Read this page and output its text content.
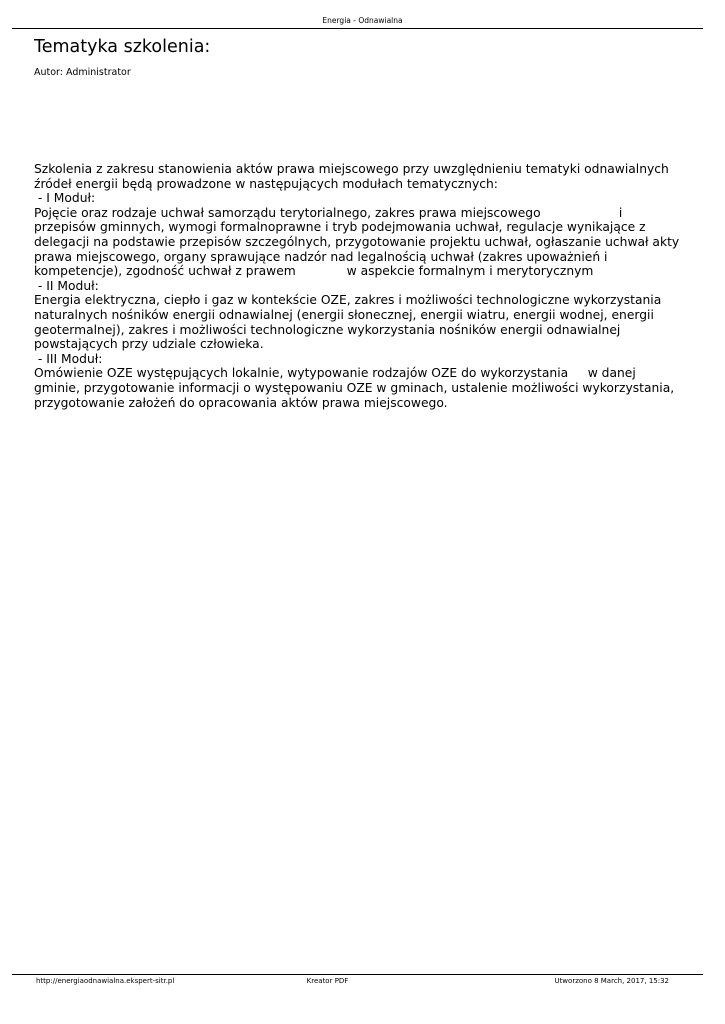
Energia - Odnawialna
Tematyka szkolenia:
Autor: Administrator
Szkolenia z zakresu stanowienia aktów prawa miejscowego przy uwzględnieniu tematyki odnawialnych
źródeł energii będą prowadzone w następujących modułach tematycznych:
- I Moduł:
Pojęcie oraz rodzaje uchwał samorządu terytorialnego, zakres prawa miejscowego                    i
przepisów gminnych, wymogi formalnoprawne i tryb podejmowania uchwał, regulacje wynikające z
delegacji na podstawie przepisów szczególnych, przygotowanie projektu uchwał, ogłaszanie uchwał akty
prawa miejscowego, organy sprawujące nadzór nad legalnością uchwał (zakres upoważnień i
kompetencje), zgodność uchwał z prawem             w aspekcie formalnym i merytorycznym
- II Moduł:
Energia elektryczna, ciepło i gaz w kontekście OZE, zakres i możliwości technologiczne wykorzystania
naturalnych nośników energii odnawialnej (energii słonecznej, energii wiatru, energii wodnej, energii
geotermalnej), zakres i możliwości technologiczne wykorzystania nośników energii odnawialnej
powstających przy udziale człowieka.
- III Moduł:
Omówienie OZE występujących lokalnie, wytypowanie rodzajów OZE do wykorzystania     w danej
gminie, przygotowanie informacji o występowaniu OZE w gminach, ustalenie możliwości wykorzystania,
przygotowanie założeń do opracowania aktów prawa miejscowego.
http://energiaodnawialna.ekspert-sitr.pl	Kreator PDF	Utworzono 8 March, 2017, 15:32
